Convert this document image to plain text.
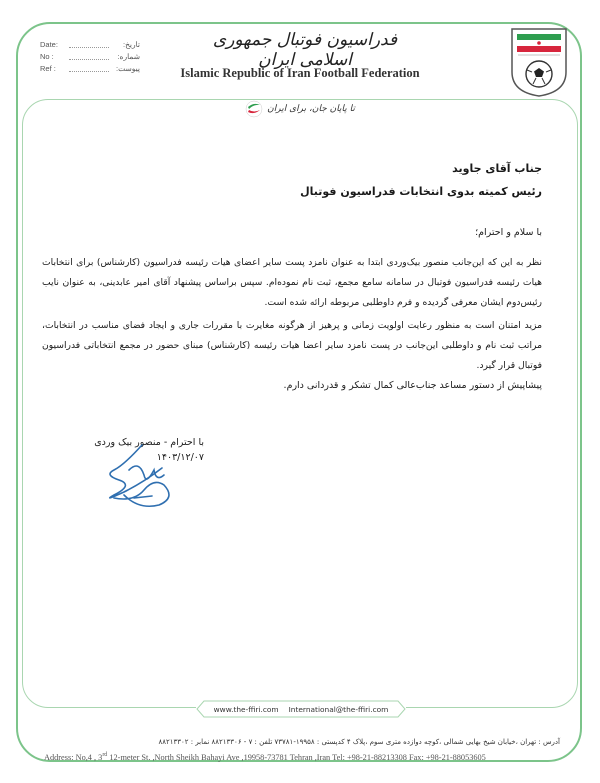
فدراسیون فوتبال جمهوری اسلامی ایران
Islamic Republic of Iran Football Federation
Date:	تاریخ:
No :	شماره:
Ref :	پیوست:
تا پایان جان، برای ایران
جناب آقای جاوید
رئیس کمیته بدوی انتخابات فدراسیون فوتبال
با سلام و احترام؛
نظر به این که این‌جانب منصور بیک‌وردی ابتدا به عنوان نامزد پست سایر اعضای هیات رئیسه فدراسیون (کارشناس) برای انتخابات هیات رئیسه فدراسیون فوتبال در سامانه سامع مجمع، ثبت نام نمودەام. سپس براساس پیشنهاد آقای امیر عابدینی، به عنوان نایب رئیس‌دوم ایشان معرفی گردیده و فرم داوطلبی مربوطه ارائه شده است.
مزید امتنان است به منظور رعایت اولویت زمانی و پرهیز از هرگونه مغایرت با مقررات جاری و ایجاد فضای مناسب در انتخابات، مراتب ثبت نام و داوطلبی این‌جانب در پست نامزد سایر اعضا هیات رئیسه (کارشناس) مبنای حضور در مجمع انتخاباتی فدراسیون فوتبال قرار گیرد.
پیشاپیش از دستور مساعد جناب‌عالی کمال تشکر و قدردانی دارم.
با احترام - منصور بیک وردی
۱۴۰۳/۱۲/۰۷
www.the-ffiri.com International@the-ffiri.com
آدرس : تهران ،خیابان شیخ بهایی شمالی ،کوچه دوازده متری سوم ،پلاک ۴ کدپستی : ۱۹۹۵۸-۷۳۷۸۱ تلفن : ۷ - ۸۸۲۱۳۳۰۶ نمابر : ۸۸۲۱۳۳۰۲
Address: No,4 , 3rd 12-meter St. ,North Sheikh Bahayi Ave ,19958-73781 Tehran ,Iran Tel: +98-21-88213308 Fax: +98-21-88053605
